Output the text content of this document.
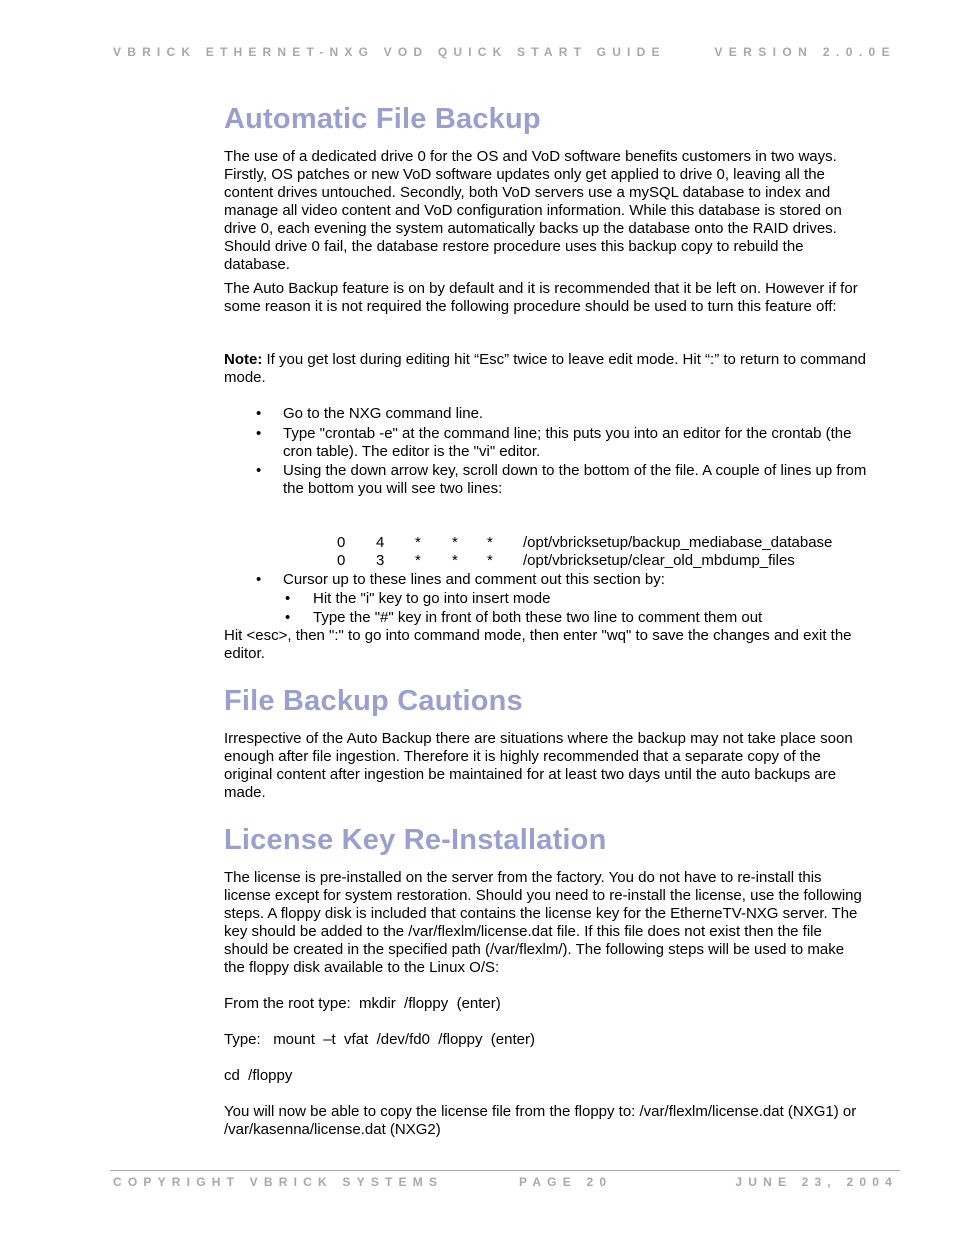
VBRICK ETHERNET-NXG VOD QUICK START GUIDE	VERSION 2.0.0E
Automatic File Backup
The use of a dedicated drive 0 for the OS and VoD software benefits customers in two ways. Firstly, OS patches or new VoD software updates only get applied to drive 0, leaving all the content drives untouched. Secondly, both VoD servers use a mySQL database to index and manage all video content and VoD configuration information. While this database is stored on drive 0, each evening the system automatically backs up the database onto the RAID drives. Should drive 0 fail, the database restore procedure uses this backup copy to rebuild the database.
The Auto Backup feature is on by default and it is recommended that it be left on. However if for some reason it is not required the following procedure should be used to turn this feature off:
Note: If you get lost during editing hit “Esc” twice to leave edit mode. Hit “:” to return to command mode.
• Go to the NXG command line.
• Type "crontab -e" at the command line; this puts you into an editor for the crontab (the cron table). The editor is the "vi" editor.
• Using the down arrow key, scroll down to the bottom of the file. A couple of lines up from the bottom you will see two lines:

0 4 * * * /opt/vbricksetup/backup_mediabase_database

0 3 * * * /opt/vbricksetup/clear_old_mbdump_files

• Cursor up to these lines and comment out this section by:
• Hit the "i" key to go into insert mode
• Type the "#" key in front of both these two line to comment them out
Hit <esc>, then ":" to go into command mode, then enter "wq" to save the changes and exit the editor.
File Backup Cautions
Irrespective of the Auto Backup there are situations where the backup may not take place soon enough after file ingestion. Therefore it is highly recommended that a separate copy of the original content after ingestion be maintained for at least two days until the auto backups are made.
License Key Re-Installation
The license is pre-installed on the server from the factory. You do not have to re-install this license except for system restoration. Should you need to re-install the license, use the following steps. A floppy disk is included that contains the license key for the EtherneTV-NXG server. The key should be added to the /var/flexlm/license.dat file. If this file does not exist then the file should be created in the specified path (/var/flexlm/). The following steps will be used to make the floppy disk available to the Linux O/S:
From the root type:  mkdir  /floppy  (enter)
Type:   mount  –t  vfat  /dev/fd0  /floppy  (enter)
cd  /floppy
You will now be able to copy the license file from the floppy to: /var/flexlm/license.dat (NXG1) or /var/kasenna/license.dat (NXG2)
COPYRIGHT VBRICK SYSTEMS	PAGE 20	JUNE 23, 2004
